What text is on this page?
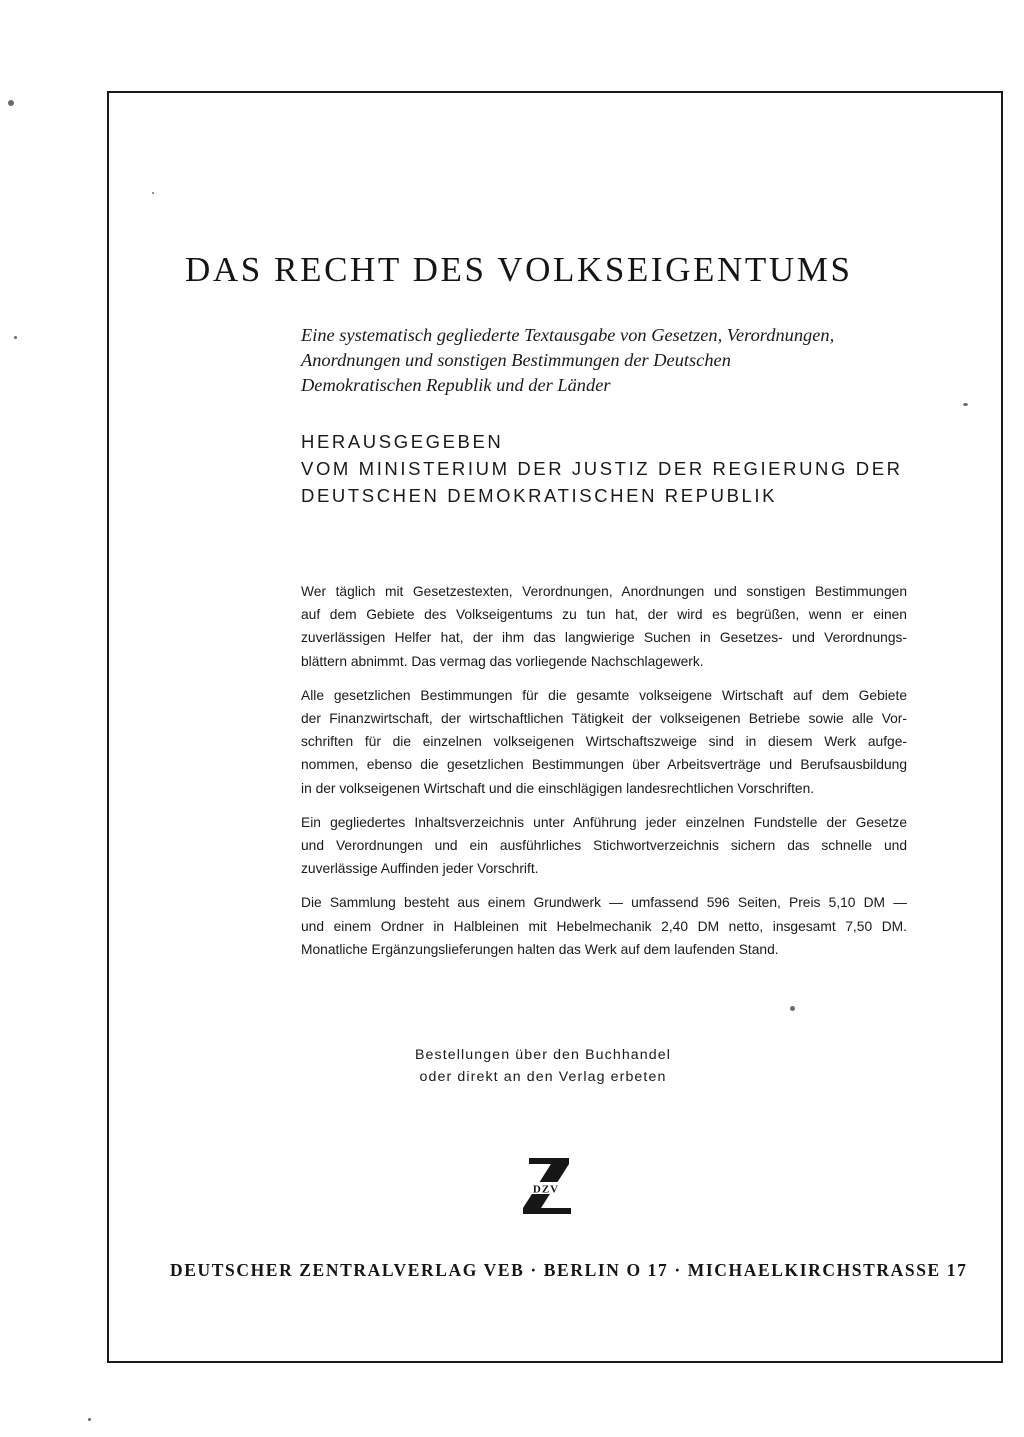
DAS RECHT DES VOLKSEIGENTUMS
Eine systematisch gegliederte Textausgabe von Gesetzen, Verordnungen,
Anordnungen und sonstigen Bestimmungen der Deutschen
Demokratischen Republik und der Länder
HERAUSGEGEBEN
VOM MINISTERIUM DER JUSTIZ DER REGIERUNG DER
DEUTSCHEN DEMOKRATISCHEN REPUBLIK

Wer täglich mit Gesetzestexten, Verordnungen, Anordnungen und sonstigen Bestimmungen
auf dem Gebiete des Volkseigentums zu tun hat, der wird es begrüßen, wenn er einen
zuverlässigen Helfer hat, der ihm das langwierige Suchen in Gesetzes- und Verordnungs-
blättern abnimmt. Das vermag das vorliegende Nachschlagewerk.

Alle gesetzlichen Bestimmungen für die gesamte volkseigene Wirtschaft auf dem Gebiete
der Finanzwirtschaft, der wirtschaftlichen Tätigkeit der volkseigenen Betriebe sowie alle Vor-
schriften für die einzelnen volkseigenen Wirtschaftszweige sind in diesem Werk aufge-
nommen, ebenso die gesetzlichen Bestimmungen über Arbeitsverträge und Berufsausbildung
in der volkseigenen Wirtschaft und die einschlägigen landesrechtlichen Vorschriften.

Ein gegliedertes Inhaltsverzeichnis unter Anführung jeder einzelnen Fundstelle der Gesetze
und Verordnungen und ein ausführliches Stichwortverzeichnis sichern das schnelle und
zuverlässige Auffinden jeder Vorschrift.

Die Sammlung besteht aus einem Grundwerk — umfassend 596 Seiten, Preis 5,10 DM —
und einem Ordner in Halbleinen mit Hebelmechanik 2,40 DM netto, insgesamt 7,50 DM.
Monatliche Ergänzungslieferungen halten das Werk auf dem laufenden Stand.

Bestellungen über den Buchhandel
oder direkt an den Verlag erbeten
DZV
DEUTSCHER ZENTRALVERLAG VEB · BERLIN O 17 · MICHAELKIRCHSTRASSE 17
